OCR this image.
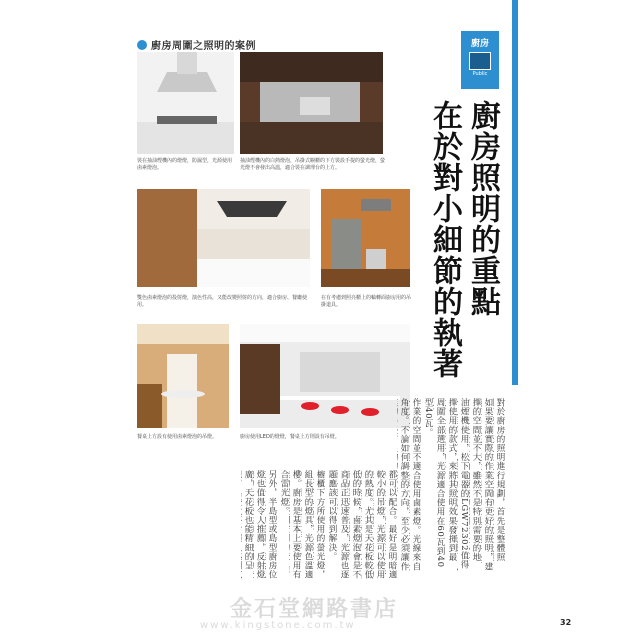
廚房周圍之照明的案例	廚房
Public
裝在抽油煙機內的燈燈，防濕型，光源使用鹵素燈泡。
抽油煙機內的白熱燈泡，吊掛式櫥櫃的下方裝設手提的螢光燈，螢光燈不會發出高溫，適合裝在調理台的上方。
雙色鹵素燈泡的投射燈，演色性高，又能改變照射的方向，適合廚房、餐廳使用。
在有考慮到照亮櫃上的輪轉面廚房用的吊掛道具。
餐桌上方設有使用鹵素燈泡的吊燈。	廚房使用LED的燈燈，餐桌上方則設有吊燈。
在於對小細節的執著 廚房照明的重點
對於廚房的照明進行規劃，首先是整體照
如果要讓實際的作業空間有更好的照明，建
擇的空間並不大，雖然不是特別需要的地
油煙機使用，松下電器的LGW72302值得
擇使用的款式，來將其照明效果發揮到最
周圍全部選用，光源適合使用在60瓦到40
型40瓦。
作業的空間並不適合使用鹵素燈。光線來自
角度。不論如何調整的方向，至少必須讓作
都可以配合。最好是明暗適
較小的吊燈，光源可以使用
的熱度。尤其是天花板較低
低的時候，鹵素燈泡會是不
商品正迅速普及，光源也逐
題應該可以得到解決。
櫥櫃下方所使用的螢光燈，
組長型的燈具，光源色溫適
樓。廚房是基本上要使用有
合雷光燈。
另外，半島型或島型廚房位
燈也值得令人推薦，反射燈
廣，天花板也能精細的呈
32
金石堂網路書店
www.kingstone.com.tw
